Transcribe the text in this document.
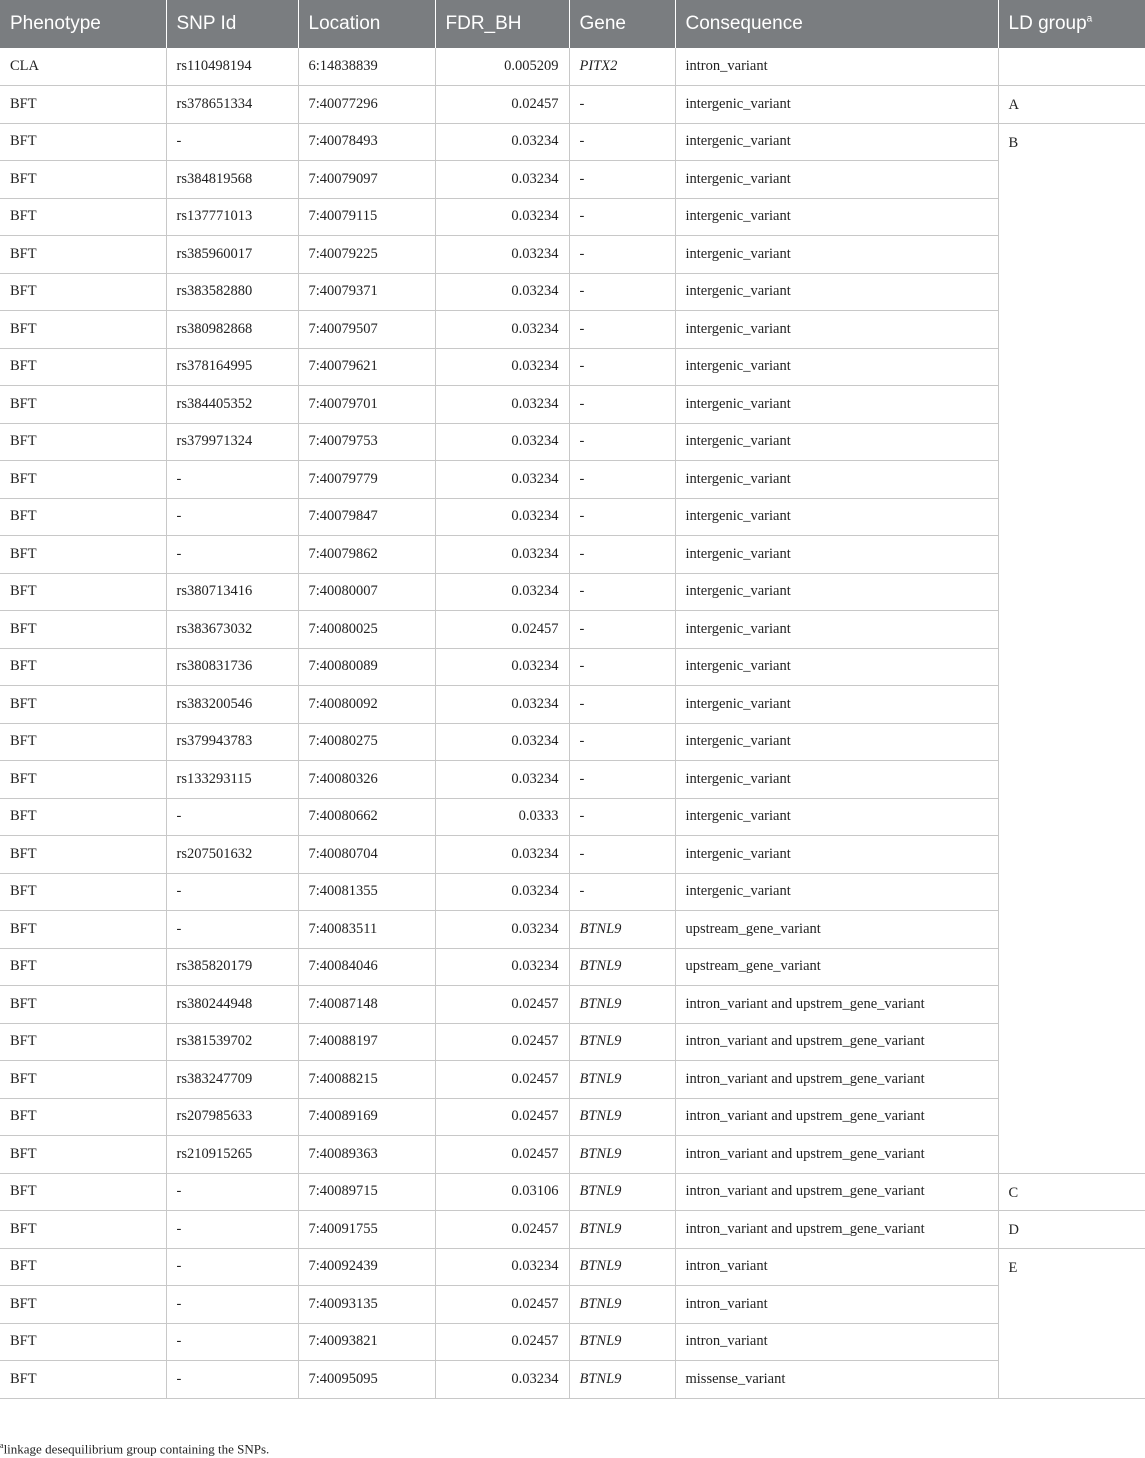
Phenotype	SNP Id	Location	FDR_BH	Gene	Consequence	LD group$^a$
CLA	rs110498194	6:14838839	0.005209	PITX2	intron_variant	
BFT	rs378651334	7:40077296	0.02457	-	intergenic_variant	A
BFT	-	7:40078493	0.03234	-	intergenic_variant	B
BFT	rs384819568	7:40079097	0.03234	-	intergenic_variant	
BFT	rs137771013	7:40079115	0.03234	-	intergenic_variant	
BFT	rs385960017	7:40079225	0.03234	-	intergenic_variant	
BFT	rs383582880	7:40079371	0.03234	-	intergenic_variant	
BFT	rs380982868	7:40079507	0.03234	-	intergenic_variant	
BFT	rs378164995	7:40079621	0.03234	-	intergenic_variant	
BFT	rs384405352	7:40079701	0.03234	-	intergenic_variant	
BFT	rs379971324	7:40079753	0.03234	-	intergenic_variant	
BFT	-	7:40079779	0.03234	-	intergenic_variant	
BFT	-	7:40079847	0.03234	-	intergenic_variant	
BFT	-	7:40079862	0.03234	-	intergenic_variant	
BFT	rs380713416	7:40080007	0.03234	-	intergenic_variant	
BFT	rs383673032	7:40080025	0.02457	-	intergenic_variant	
BFT	rs380831736	7:40080089	0.03234	-	intergenic_variant	
BFT	rs383200546	7:40080092	0.03234	-	intergenic_variant	
BFT	rs379943783	7:40080275	0.03234	-	intergenic_variant	
BFT	rs133293115	7:40080326	0.03234	-	intergenic_variant	
BFT	-	7:40080662	0.0333	-	intergenic_variant	
BFT	rs207501632	7:40080704	0.03234	-	intergenic_variant	
BFT	-	7:40081355	0.03234	-	intergenic_variant	
BFT	-	7:40083511	0.03234	BTNL9	upstream_gene_variant	
BFT	rs385820179	7:40084046	0.03234	BTNL9	upstream_gene_variant	
BFT	rs380244948	7:40087148	0.02457	BTNL9	intron_variant and upstrem_gene_variant	
BFT	rs381539702	7:40088197	0.02457	BTNL9	intron_variant and upstrem_gene_variant	
BFT	rs383247709	7:40088215	0.02457	BTNL9	intron_variant and upstrem_gene_variant	
BFT	rs207985633	7:40089169	0.02457	BTNL9	intron_variant and upstrem_gene_variant	
BFT	rs210915265	7:40089363	0.02457	BTNL9	intron_variant and upstrem_gene_variant	
BFT	-	7:40089715	0.03106	BTNL9	intron_variant and upstrem_gene_variant	C
BFT	-	7:40091755	0.02457	BTNL9	intron_variant and upstrem_gene_variant	D
BFT	-	7:40092439	0.03234	BTNL9	intron_variant	E
BFT	-	7:40093135	0.02457	BTNL9	intron_variant	
BFT	-	7:40093821	0.02457	BTNL9	intron_variant	
BFT	-	7:40095095	0.03234	BTNL9	missense_variant	
$^a$linkage desequilibrium group containing the SNPs.
